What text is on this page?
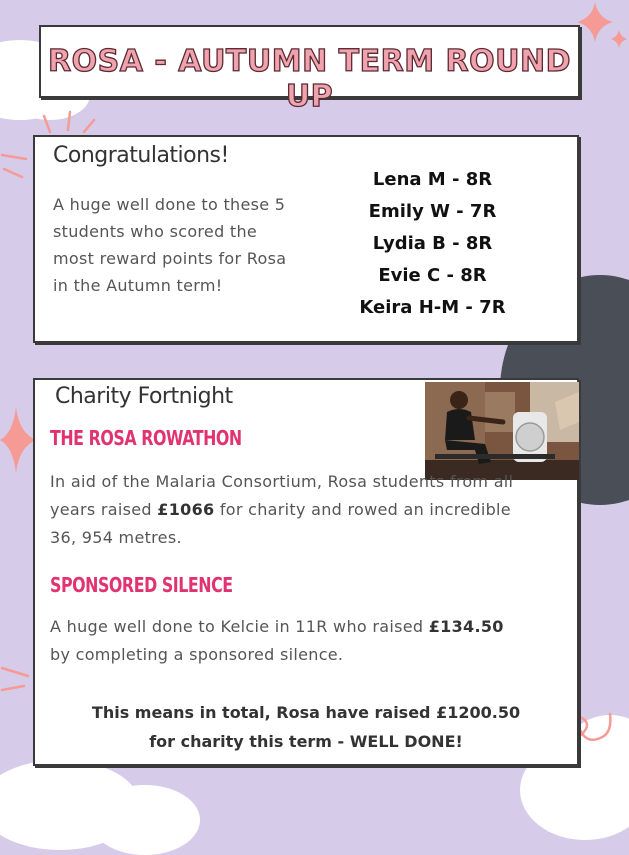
ROSA - AUTUMN TERM ROUND UP
Congratulations!
A huge well done to these 5 students who scored the most reward points for Rosa in the Autumn term!
Lena M - 8R
Emily W - 7R
Lydia B - 8R
Evie C - 8R
Keira H-M - 7R
Charity Fortnight
THE ROSA ROWATHON
In aid of the Malaria Consortium, Rosa students from all years raised £1066 for charity and rowed an incredible 36, 954 metres.
SPONSORED SILENCE
A huge well done to Kelcie in 11R who raised £134.50 by completing a sponsored silence.
This means in total, Rosa have raised £1200.50
for charity this term - WELL DONE!
